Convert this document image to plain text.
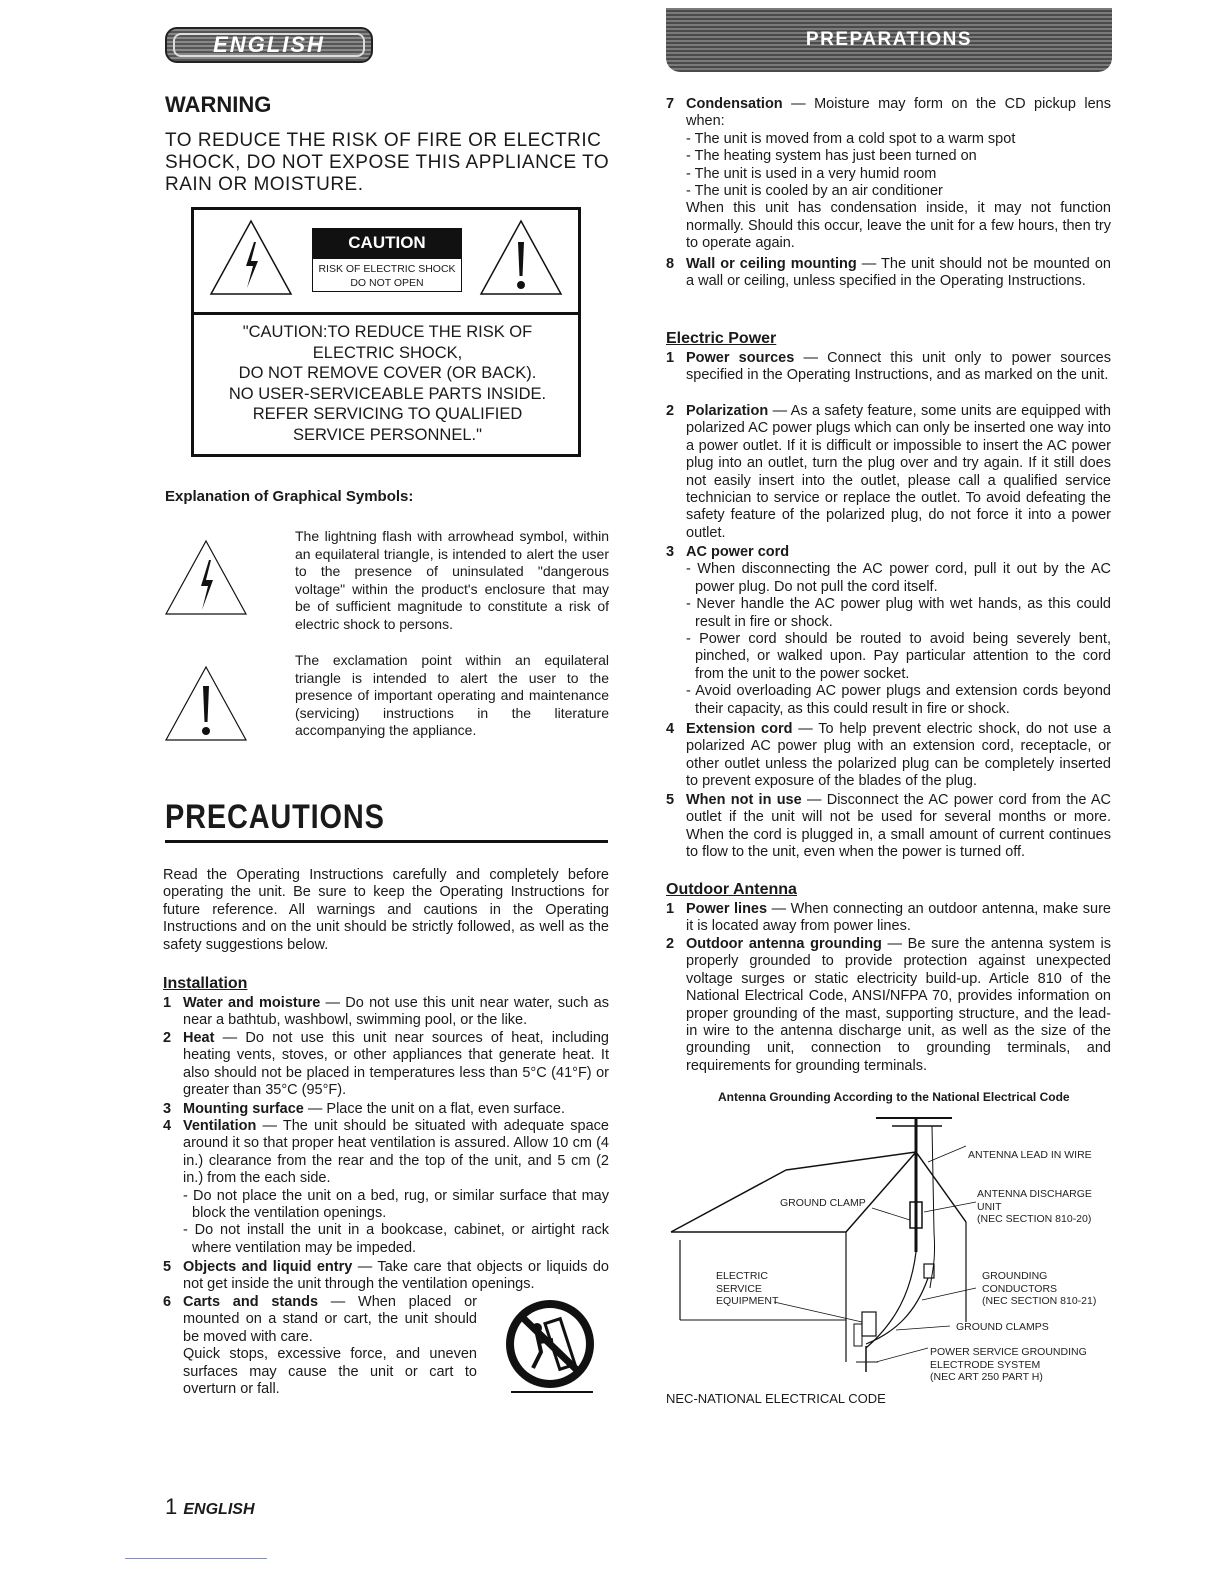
ENGLISH	PREPARATIONS
WARNING
TO REDUCE THE RISK OF FIRE OR ELECTRIC
SHOCK, DO NOT EXPOSE THIS APPLIANCE TO
RAIN OR MOISTURE.
CAUTION
RISK OF ELECTRIC SHOCK
DO NOT OPEN
"CAUTION:TO REDUCE THE RISK OF
ELECTRIC SHOCK,
DO NOT REMOVE COVER (OR BACK).
NO USER-SERVICEABLE PARTS INSIDE.
REFER SERVICING TO QUALIFIED
SERVICE PERSONNEL."
Explanation of Graphical Symbols:
The lightning flash with arrowhead symbol, within an equilateral triangle, is intended to alert the user to the presence of uninsulated "dangerous voltage" within the product's enclosure that may be of sufficient magnitude to constitute a risk of electric shock to persons.
The exclamation point within an equilateral triangle is intended to alert the user to the presence of important operating and maintenance (servicing) instructions in the literature accompanying the appliance.
PRECAUTIONS
Read the Operating Instructions carefully and completely before operating the unit. Be sure to keep the Operating Instructions for future reference. All warnings and cautions in the Operating Instructions and on the unit should be strictly followed, as well as the safety suggestions below.
Installation
1 Water and moisture — Do not use this unit near water, such as near a bathtub, washbowl, swimming pool, or the like.
2 Heat — Do not use this unit near sources of heat, including heating vents, stoves, or other appliances that generate heat. It also should not be placed in temperatures less than 5°C (41°F) or greater than 35°C (95°F).
3 Mounting surface — Place the unit on a flat, even surface.
4 Ventilation — The unit should be situated with adequate space around it so that proper heat ventilation is assured. Allow 10 cm (4 in.) clearance from the rear and the top of the unit, and 5 cm (2 in.) from the each side.
- Do not place the unit on a bed, rug, or similar surface that may block the ventilation openings.
- Do not install the unit in a bookcase, cabinet, or airtight rack where ventilation may be impeded.
5 Objects and liquid entry — Take care that objects or liquids do not get inside the unit through the ventilation openings.
6 Carts and stands — When placed or mounted on a stand or cart, the unit should be moved with care.
Quick stops, excessive force, and uneven surfaces may cause the unit or cart to overturn or fall.
7 Condensation — Moisture may form on the CD pickup lens when:
- The unit is moved from a cold spot to a warm spot
- The heating system has just been turned on
- The unit is used in a very humid room
- The unit is cooled by an air conditioner
When this unit has condensation inside, it may not function normally. Should this occur, leave the unit for a few hours, then try to operate again.
8 Wall or ceiling mounting — The unit should not be mounted on a wall or ceiling, unless specified in the Operating Instructions.
Electric Power
1 Power sources — Connect this unit only to power sources specified in the Operating Instructions, and as marked on the unit.
2 Polarization — As a safety feature, some units are equipped with polarized AC power plugs which can only be inserted one way into a power outlet. If it is difficult or impossible to insert the AC power plug into an outlet, turn the plug over and try again. If it still does not easily insert into the outlet, please call a qualified service technician to service or replace the outlet. To avoid defeating the safety feature of the polarized plug, do not force it into a power outlet.
3 AC power cord
- When disconnecting the AC power cord, pull it out by the AC power plug. Do not pull the cord itself.
- Never handle the AC power plug with wet hands, as this could result in fire or shock.
- Power cord should be routed to avoid being severely bent, pinched, or walked upon. Pay particular attention to the cord from the unit to the power socket.
- Avoid overloading AC power plugs and extension cords beyond their capacity, as this could result in fire or shock.
4 Extension cord — To help prevent electric shock, do not use a polarized AC power plug with an extension cord, receptacle, or other outlet unless the polarized plug can be completely inserted to prevent exposure of the blades of the plug.
5 When not in use — Disconnect the AC power cord from the AC outlet if the unit will not be used for several months or more. When the cord is plugged in, a small amount of current continues to flow to the unit, even when the power is turned off.
Outdoor Antenna
1 Power lines — When connecting an outdoor antenna, make sure it is located away from power lines.
2 Outdoor antenna grounding — Be sure the antenna system is properly grounded to provide protection against unexpected voltage surges or static electricity build-up. Article 810 of the National Electrical Code, ANSI/NFPA 70, provides information on proper grounding of the mast, supporting structure, and the lead-in wire to the antenna discharge unit, as well as the size of the grounding unit, connection to grounding terminals, and requirements for grounding terminals.
Antenna Grounding According to the National Electrical Code
ANTENNA LEAD IN WIRE
GROUND CLAMP
ANTENNA DISCHARGE
UNIT
(NEC SECTION 810-20)
ELECTRIC
SERVICE
EQUIPMENT
GROUNDING
CONDUCTORS
(NEC SECTION 810-21)
GROUND CLAMPS
POWER SERVICE GROUNDING
ELECTRODE SYSTEM
(NEC ART 250 PART H)
NEC-NATIONAL ELECTRICAL CODE
1 ENGLISH
